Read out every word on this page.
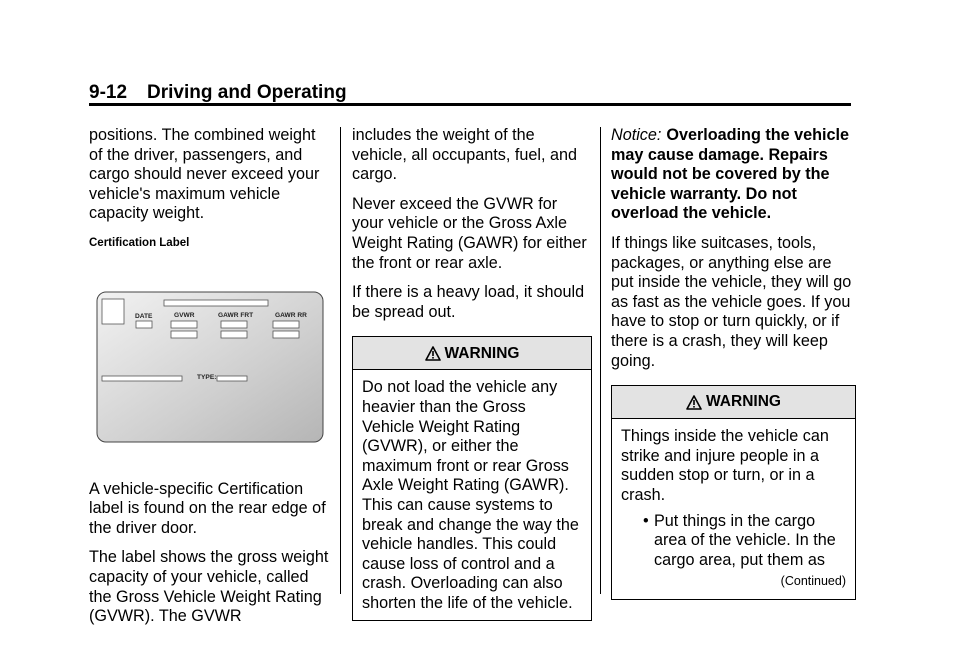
9-12 Driving and Operating

positions. The combined weight of the driver, passengers, and cargo should never exceed your vehicle's maximum vehicle capacity weight.

Certification Label
DATE	GVWR	GAWR FRT	GAWR RR
TYPE:

A vehicle-specific Certification label is found on the rear edge of the driver door.

The label shows the gross weight capacity of your vehicle, called the Gross Vehicle Weight Rating (GVWR). The GVWR

includes the weight of the vehicle, all occupants, fuel, and cargo.

Never exceed the GVWR for your vehicle or the Gross Axle Weight Rating (GAWR) for either the front or rear axle.

If there is a heavy load, it should be spread out.

WARNING

Do not load the vehicle any heavier than the Gross Vehicle Weight Rating (GVWR), or either the maximum front or rear Gross Axle Weight Rating (GAWR). This can cause systems to break and change the way the vehicle handles. This could cause loss of control and a crash. Overloading can also shorten the life of the vehicle.

Notice: Overloading the vehicle may cause damage. Repairs would not be covered by the vehicle warranty. Do not overload the vehicle.

If things like suitcases, tools, packages, or anything else are put inside the vehicle, they will go as fast as the vehicle goes. If you have to stop or turn quickly, or if there is a crash, they will keep going.

WARNING

Things inside the vehicle can strike and injure people in a sudden stop or turn, or in a crash.

• Put things in the cargo area of the vehicle. In the cargo area, put them as

(Continued)
